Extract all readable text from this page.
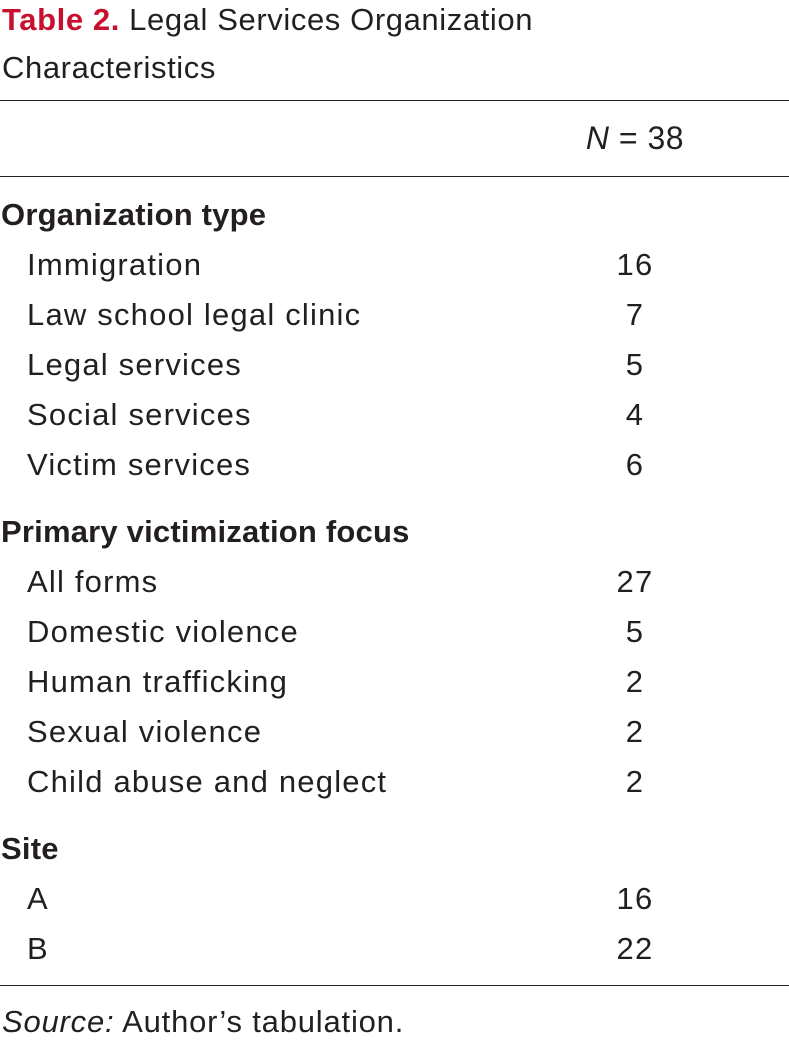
Table 2. Legal Services Organization Characteristics
N = 38
Organization type
Immigration	16
Law school legal clinic	7
Legal services	5
Social services	4
Victim services	6
Primary victimization focus
All forms	27
Domestic violence	5
Human trafficking	2
Sexual violence	2
Child abuse and neglect	2
Site
A	16
B	22
Source: Author’s tabulation.
